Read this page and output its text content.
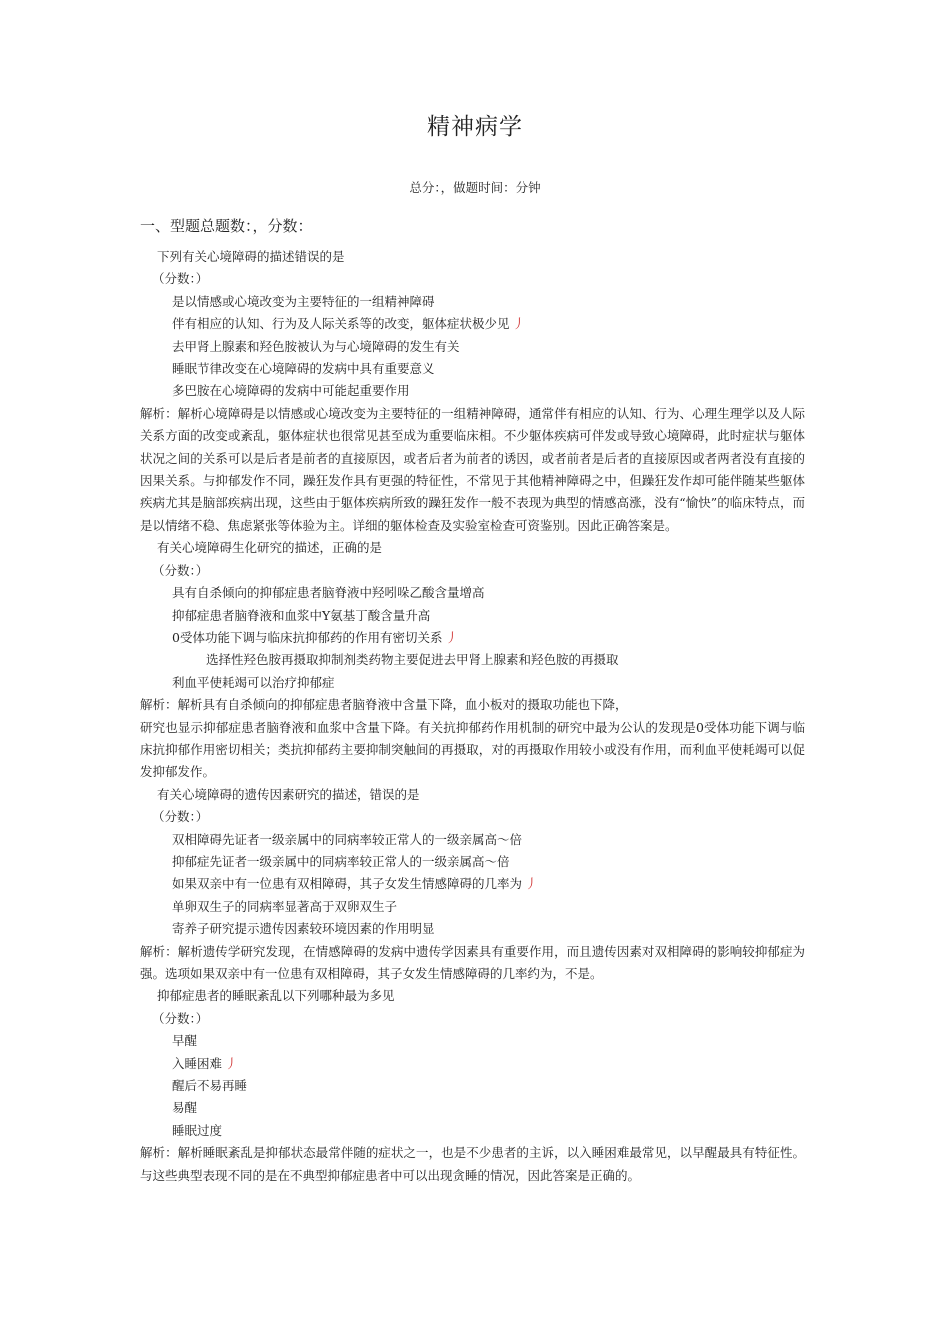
精神病学
总分：，做题时间：分钟
一、型题总题数：，分数：
下列有关心境障碍的描述错误的是
（分数：）
是以情感或心境改变为主要特征的一组精神障碍
伴有相应的认知、行为及人际关系等的改变，躯体症状极少见 丿
去甲肾上腺素和羟色胺被认为与心境障碍的发生有关
睡眠节律改变在心境障碍的发病中具有重要意义
多巴胺在心境障碍的发病中可能起重要作用
解析：解析心境障碍是以情感或心境改变为主要特征的一组精神障碍，通常伴有相应的认知、行为、心理生理学以及人际关系方面的改变或紊乱，躯体症状也很常见甚至成为重要临床相。不少躯体疾病可伴发或导致心境障碍，此时症状与躯体状况之间的关系可以是后者是前者的直接原因，或者后者为前者的诱因，或者前者是后者的直接原因或者两者没有直接的因果关系。与抑郁发作不同，躁狂发作具有更强的特征性，不常见于其他精神障碍之中，但躁狂发作却可能伴随某些躯体疾病尤其是脑部疾病出现，这些由于躯体疾病所致的躁狂发作一般不表现为典型的情感高涨，没有“愉快”的临床特点，而是以情绪不稳、焦虑紧张等体验为主。详细的躯体检查及实验室检查可资鉴别。因此正确答案是。
有关心境障碍生化研究的描述，正确的是
（分数：）
具有自杀倾向的抑郁症患者脑脊液中羟吲哚乙酸含量增高
抑郁症患者脑脊液和血浆中Y氨基丁酸含量升高
0受体功能下调与临床抗抑郁药的作用有密切关系 丿
选择性羟色胺再摄取抑制剂类药物主要促进去甲肾上腺素和羟色胺的再摄取
利血平使耗竭可以治疗抑郁症
解析：解析具有自杀倾向的抑郁症患者脑脊液中含量下降，血小板对的摄取功能也下降，
研究也显示抑郁症患者脑脊液和血浆中含量下降。有关抗抑郁药作用机制的研究中最为公认的发现是0受体功能下调与临床抗抑郁作用密切相关；类抗抑郁药主要抑制突触间的再摄取，对的再摄取作用较小或没有作用，而利血平使耗竭可以促发抑郁发作。
有关心境障碍的遗传因素研究的描述，错误的是
（分数：）
双相障碍先证者一级亲属中的同病率较正常人的一级亲属高〜倍
抑郁症先证者一级亲属中的同病率较正常人的一级亲属高〜倍
如果双亲中有一位患有双相障碍，其子女发生情感障碍的几率为 丿
单卵双生子的同病率显著高于双卵双生子
寄养子研究提示遗传因素较环境因素的作用明显
解析：解析遗传学研究发现，在情感障碍的发病中遗传学因素具有重要作用，而且遗传因素对双相障碍的影响较抑郁症为强。选项如果双亲中有一位患有双相障碍，其子女发生情感障碍的几率约为，不是。
抑郁症患者的睡眠紊乱以下列哪种最为多见
（分数：）
早醒
入睡困难 丿
醒后不易再睡
易醒
睡眠过度
解析：解析睡眠紊乱是抑郁状态最常伴随的症状之一，也是不少患者的主诉，以入睡困难最常见，以早醒最具有特征性。与这些典型表现不同的是在不典型抑郁症患者中可以出现贪睡的情况，因此答案是正确的。
